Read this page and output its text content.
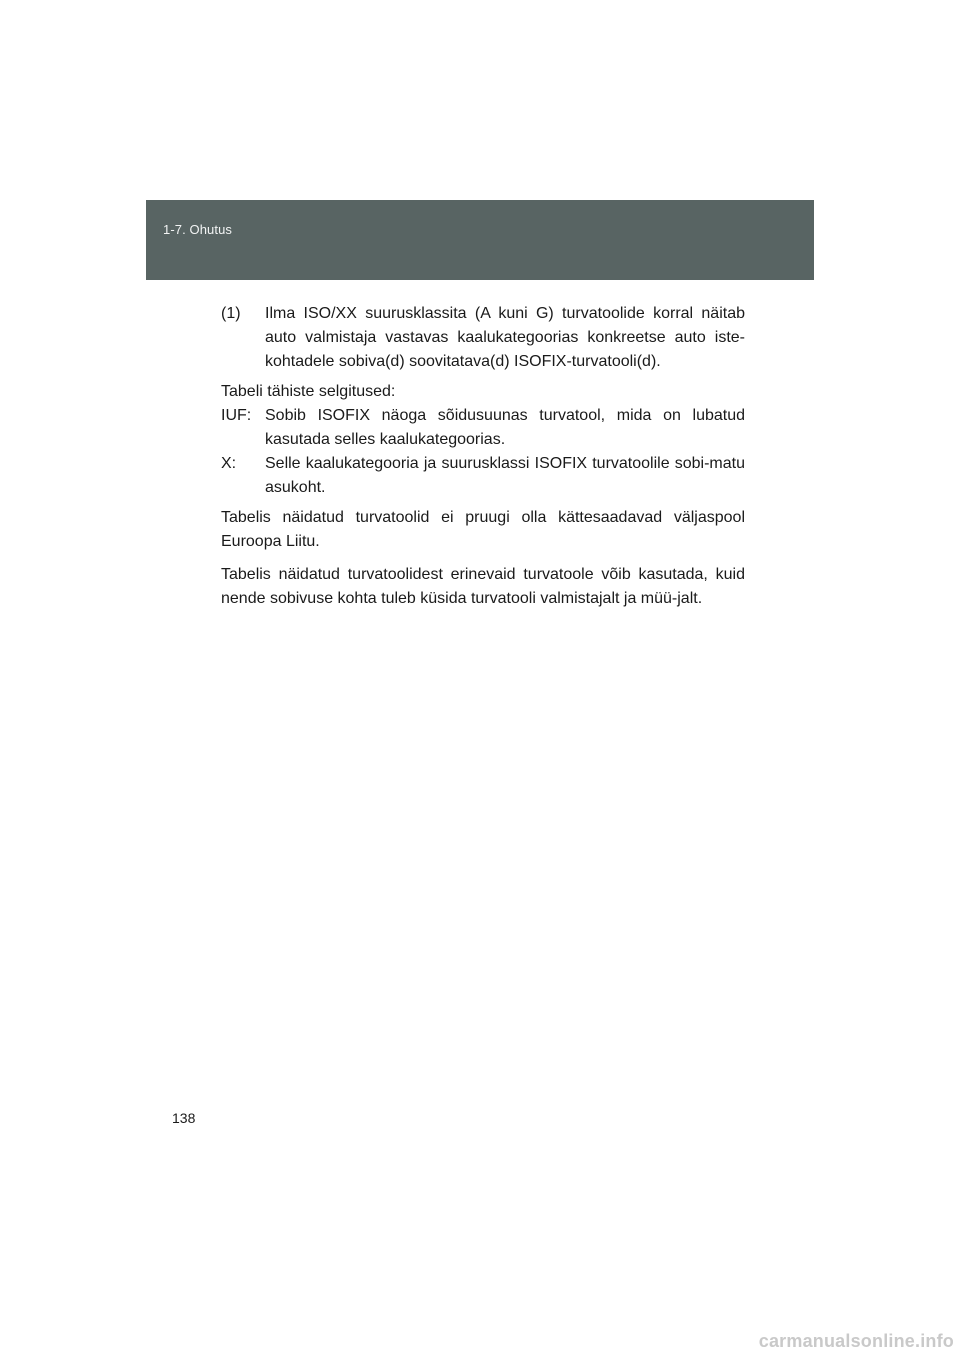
1-7. Ohutus
(1)	Ilma ISO/XX suurusklassita (A kuni G) turvatoolide korral näitab auto valmistaja vastavas kaalukategoorias konkreetse auto iste-kohtadele sobiva(d) soovitatava(d) ISOFIX-turvatooli(d).

Tabeli tähiste selgitused:

IUF: Sobib ISOFIX näoga sõidusuunas turvatool, mida on lubatud kasutada selles kaalukategoorias.
X:	Selle kaalukategooria ja suurusklassi ISOFIX turvatoolile sobi-matu asukoht.

Tabelis näidatud turvatoolid ei pruugi olla kättesaadavad väljaspool Euroopa Liitu.

Tabelis näidatud turvatoolidest erinevaid turvatoole võib kasutada, kuid nende sobivuse kohta tuleb küsida turvatooli valmistajalt ja müü-jalt.

138
carmanualsonline.info
